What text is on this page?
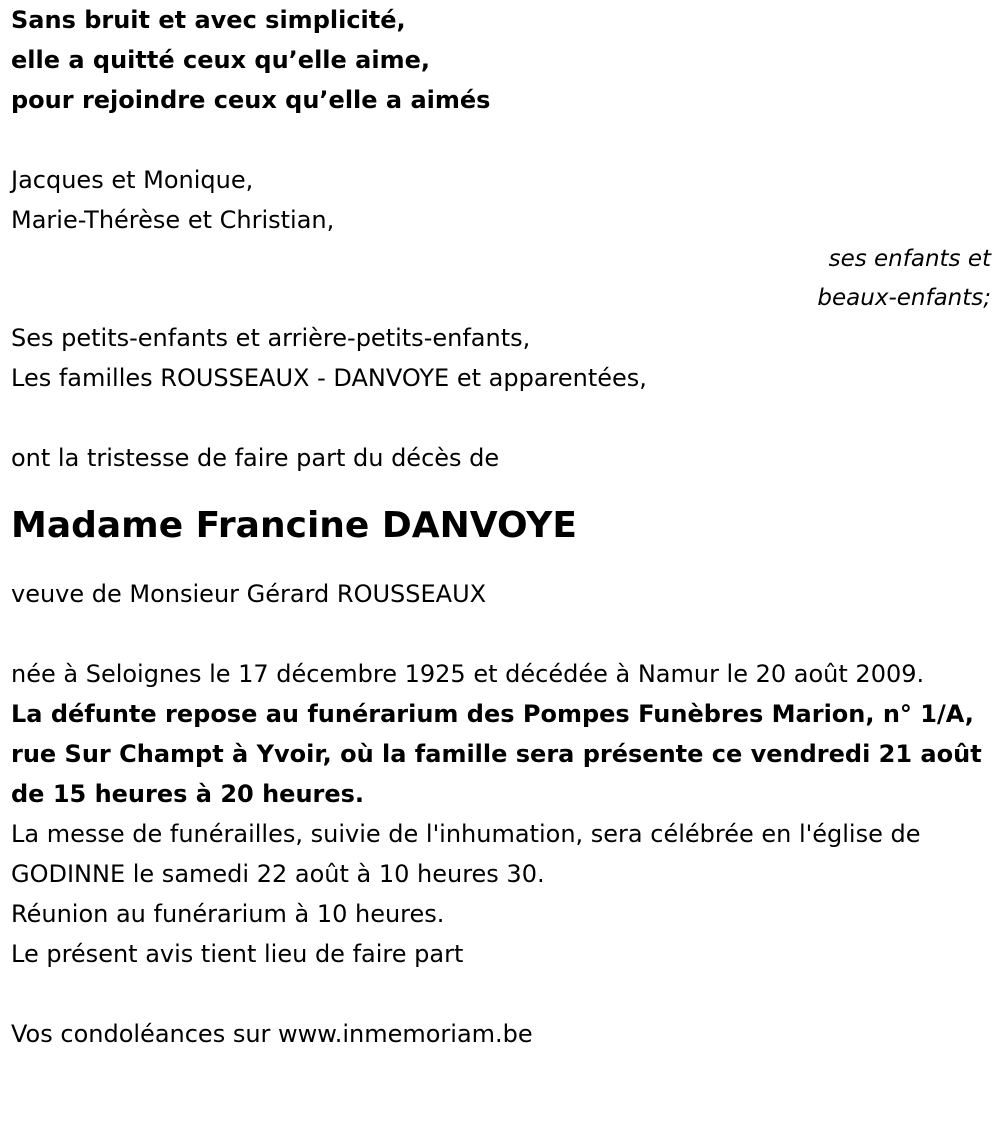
Sans bruit et avec simplicité,
elle a quitté ceux qu’elle aime,
pour rejoindre ceux qu’elle a aimés
Jacques et Monique,
Marie-Thérèse et Christian,
ses enfants et
beaux-enfants;
Ses petits-enfants et arrière-petits-enfants,
Les familles ROUSSEAUX - DANVOYE et apparentées,
ont la tristesse de faire part du décès de
Madame Francine DANVOYE
veuve de Monsieur Gérard ROUSSEAUX
née à Seloignes le 17 décembre 1925 et décédée à Namur le 20 août 2009.
La défunte repose au funérarium des Pompes Funèbres Marion, n° 1/A, rue Sur Champt à Yvoir, où la famille sera présente ce vendredi 21 août de 15 heures à 20 heures.
La messe de funérailles, suivie de l'inhumation, sera célébrée en l'église de GODINNE le samedi 22 août à 10 heures 30.
Réunion au funérarium à 10 heures.
Le présent avis tient lieu de faire part
Vos condoléances sur www.inmemoriam.be
